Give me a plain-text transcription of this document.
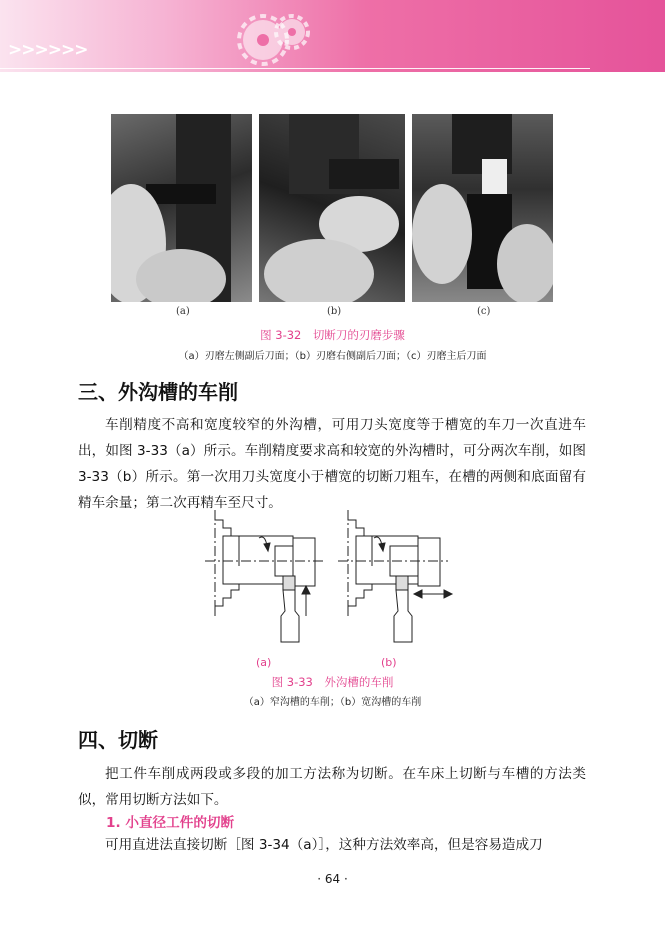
>>>>>>
(a)	(b)	(c)
图 3-32　切断刀的刃磨步骤
（a）刃磨左侧副后刀面；（b）刃磨右侧副后刀面；（c）刃磨主后刀面
三、外沟槽的车削
车削精度不高和宽度较窄的外沟槽，可用刀头宽度等于槽宽的车刀一次直进车出，如图 3-33（a）所示。车削精度要求高和较宽的外沟槽时，可分两次车削，如图 3-33（b）所示。第一次用刀头宽度小于槽宽的切断刀粗车，在槽的两侧和底面留有精车余量；第二次再精车至尺寸。
(a)	(b)
图 3-33　外沟槽的车削
（a）窄沟槽的车削；（b）宽沟槽的车削
四、切断
把工件车削成两段或多段的加工方法称为切断。在车床上切断与车槽的方法类似，常用切断方法如下。
1. 小直径工件的切断
可用直进法直接切断［图 3-34（a）］，这种方法效率高，但是容易造成刀
· 64 ·
